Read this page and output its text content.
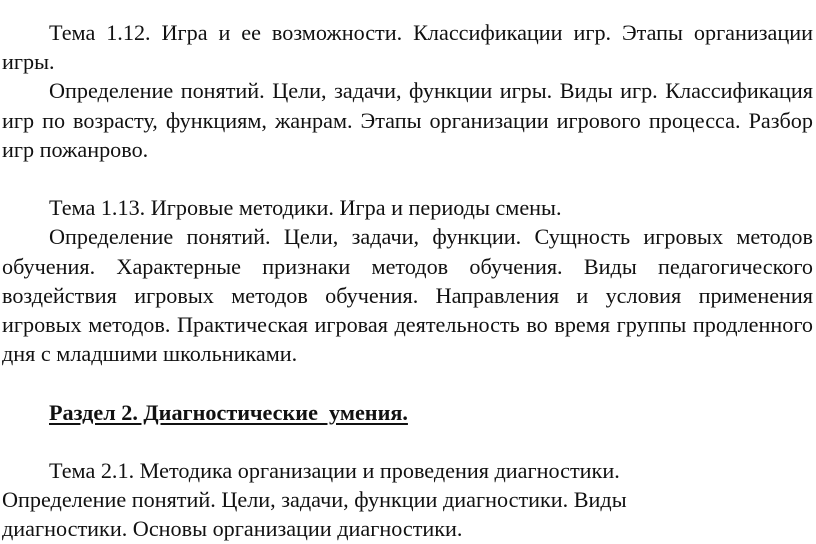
Тема 1.12. Игра и ее возможности. Классификации игр. Этапы организации игры.

Определение понятий. Цели, задачи, функции игры. Виды игр. Классификация игр по возрасту, функциям, жанрам. Этапы организации игрового процесса. Разбор игр пожанрово.

Тема 1.13. Игровые методики. Игра и периоды смены.

Определение понятий. Цели, задачи, функции. Сущность игровых методов обучения. Характерные признаки методов обучения. Виды педагогического воздействия игровых методов обучения. Направления и условия применения игровых методов. Практическая игровая деятельность во время группы продленного дня с младшими школьниками.

Раздел 2. Диагностические  умения.

Тема 2.1. Методика организации и проведения диагностики.
Определение понятий. Цели, задачи, функции диагностики. Виды
диагностики. Основы организации диагностики.
